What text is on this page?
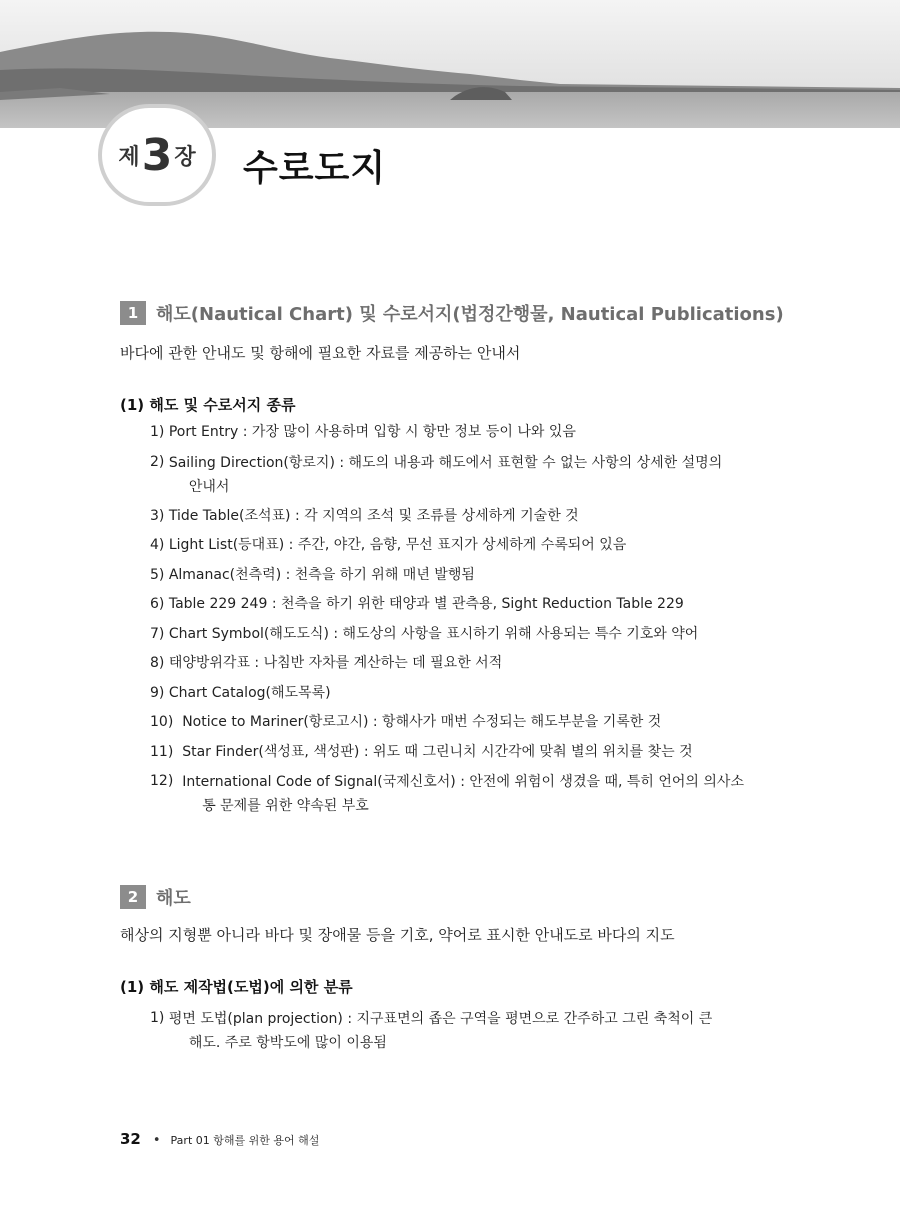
제 3 장 수로도지
1 해도(Nautical Chart) 및 수로서지(법정간행물, Nautical Publications)
바다에 관한 안내도 및 항해에 필요한 자료를 제공하는 안내서
(1) 해도 및 수로서지 종류
1) Port Entry : 가장 많이 사용하며 입항 시 항만 정보 등이 나와 있음
2) Sailing Direction(항로지) : 해도의 내용과 해도에서 표현할 수 없는 사항의 상세한 설명의
안내서
3) Tide Table(조석표) : 각 지역의 조석 및 조류를 상세하게 기술한 것
4) Light List(등대표) : 주간, 야간, 음향, 무선 표지가 상세하게 수록되어 있음
5) Almanac(천측력) : 천측을 하기 위해 매년 발행됨
6) Table 229 249 : 천측을 하기 위한 태양과 별 관측용, Sight Reduction Table 229
7) Chart Symbol(해도도식) : 해도상의 사항을 표시하기 위해 사용되는 특수 기호와 약어
8) 태양방위각표 : 나침반 자차를 계산하는 데 필요한 서적
9) Chart Catalog(해도목록)
10) Notice to Mariner(항로고시) : 항해사가 매번 수정되는 해도부분을 기록한 것
11) Star Finder(색성표, 색성판) : 위도 때 그린니치 시간각에 맞춰 별의 위치를 찾는 것
12) International Code of Signal(국제신호서) : 안전에 위험이 생겼을 때, 특히 언어의 의사소
통 문제를 위한 약속된 부호
2 해도
해상의 지형뿐 아니라 바다 및 장애물 등을 기호, 약어로 표시한 안내도로 바다의 지도
(1) 해도 제작법(도법)에 의한 분류
1) 평면 도법(plan projection) : 지구표면의 좁은 구역을 평면으로 간주하고 그린 축척이 큰
해도. 주로 항박도에 많이 이용됨
32 • Part 01 항해를 위한 용어 해설
